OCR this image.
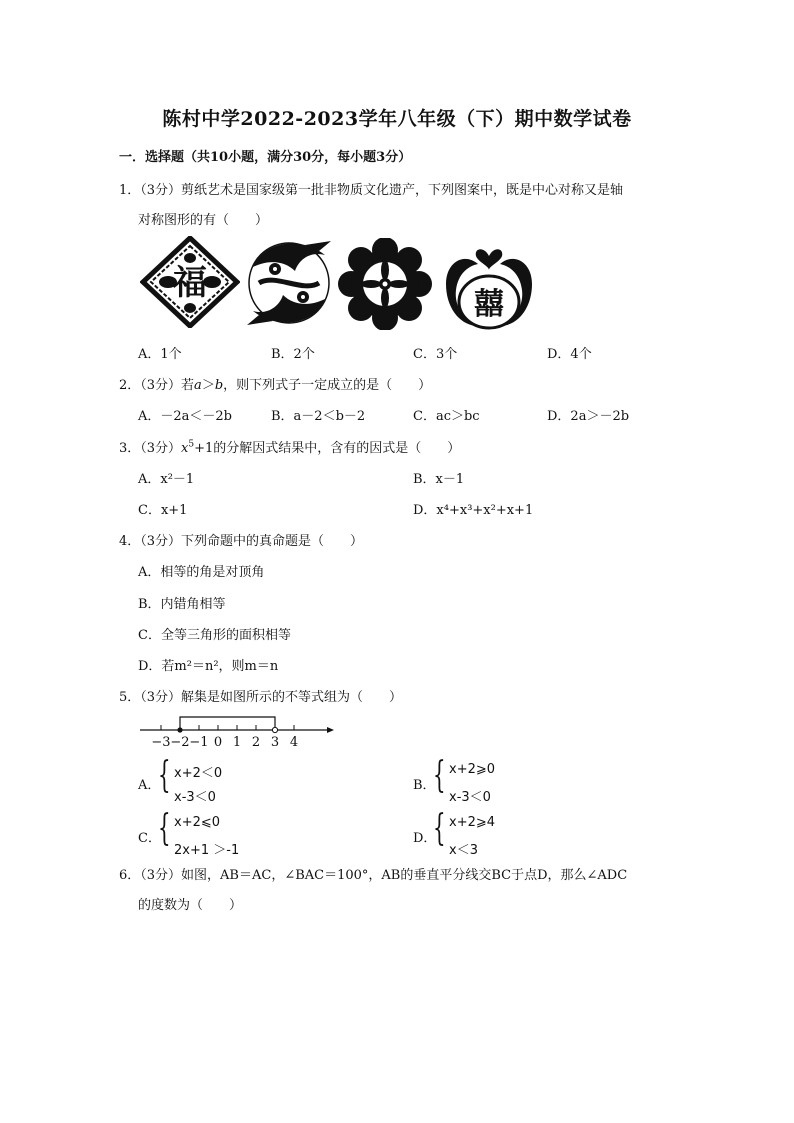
陈村中学2022-2023学年八年级（下）期中数学试卷
一．选择题（共10小题，满分30分，每小题3分）
1．（3分）剪纸艺术是国家级第一批非物质文化遗产，下列图案中，既是中心对称又是轴
对称图形的有（　　）
福
囍
A．1个	B．2个	C．3个	D．4个
2．（3分）若a＞b，则下列式子一定成立的是（　　）
A．－2a＜－2b	B．a－2＜b－2	C．ac＞bc	D．2a＞－2b
3．（3分）$x^5+1$的分解因式结果中，含有的因式是（　　）
A．x²－1	B．x－1
C．x+1	D．x⁴+x³+x²+x+1
4．（3分）下列命题中的真命题是（　　）
A．相等的角是对顶角
B．内错角相等
C．全等三角形的面积相等
D．若m²＝n²，则m＝n
5．（3分）解集是如图所示的不等式组为（　　）
−3 −2 −1 0 1 2 3 4
A．
{ x+2＜0
x-3＜0
B．
{ x+2⩾0
x-3＜0
C．
{ x+2⩽0
2x+1 ＞-1
D．
{ x+2⩾4
x＜3
6．（3分）如图，AB＝AC，∠BAC＝100°，AB的垂直平分线交BC于点D，那么∠ADC
的度数为（　　）
